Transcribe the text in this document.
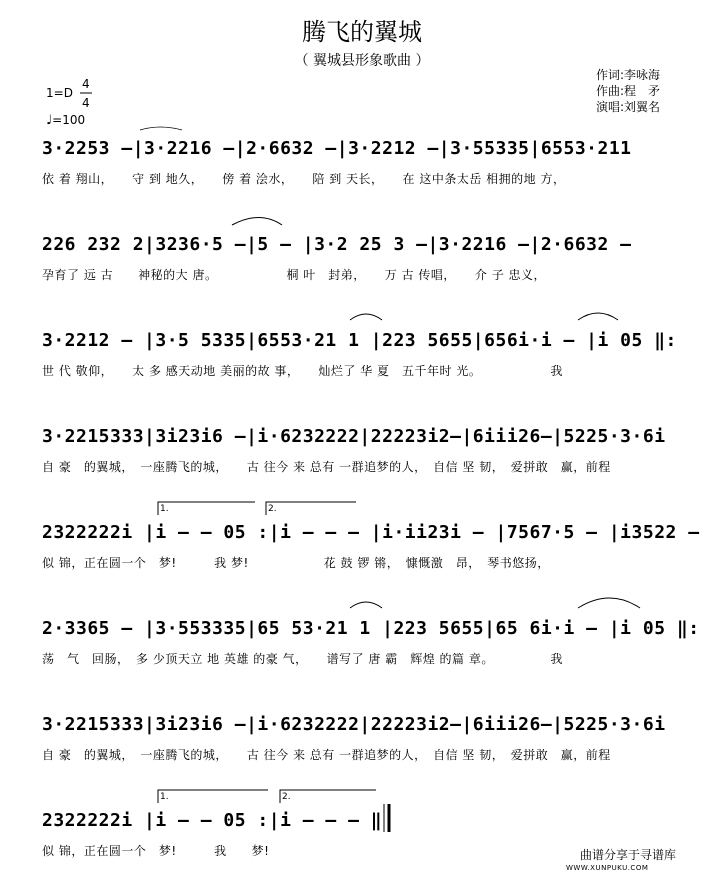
腾飞的翼城
（ 翼城县形象歌曲 ）
作词:李咏海
作曲:程　矛
演唱:刘翼名
1=D
4
4
♩=100
3·2253 –|3·2216 –|2·6632 –|3·2212 –|3·55335|6553·211
依 着 翔山，　　守 到 地久，　　傍 着 浍水，　　陪 到 天长，　　在 这中条太岳 相拥的地 方，
226 232 2|3236·5 –|5 – |3·2 25 3 –|3·2216 –|2·6632 –
孕育了 远 古　　神秘的大 唐。　　　　　　桐 叶　封弟，　　万 古 传唱，　　介 子 忠义，
3·2212 – |3·5 5335|6553·21 1 |223 5655|656i·i – |i 05 ‖:
世 代 敬仰，　　太 多 感天动地 美丽的故 事，　　灿烂了 华 夏　五千年时 光。　　　　　　我
3·2215333|3i23i6 –|i·6232222|22223i2–|6iii26–|5225·3·6i
自 豪　的翼城，　一座腾飞的城，　　古 往今 来 总有 一群追梦的人，　自信 坚 韧，　爱拼敢　赢，前程
1.	2.
2322222i |i – – 05 :|i – – – |i·ii23i – |7567·5 – |i3522 –
似 锦，正在圆一个　梦!　　　我 梦!　　　　　　花 鼓 锣 锵，　慷慨激　昂，　琴书悠扬，
2·3365 – |3·553335|65 53·21 1 |223 5655|65 6i·i – |i 05 ‖:
荡　气　回肠，　多 少顶天立 地 英雄 的豪 气，　　谱写了 唐 霸　辉煌 的篇 章。　　　　　我
3·2215333|3i23i6 –|i·6232222|22223i2–|6iii26–|5225·3·6i
自 豪　的翼城，　一座腾飞的城，　　古 往今 来 总有 一群追梦的人，　自信 坚 韧，　爱拼敢　赢，前程
1.	2.
2322222i |i – – 05 :|i – – – ‖
似 锦，正在圆一个　梦!　　　我　　梦!	曲谱分享于寻谱库
WWW.XUNPUKU.COM
